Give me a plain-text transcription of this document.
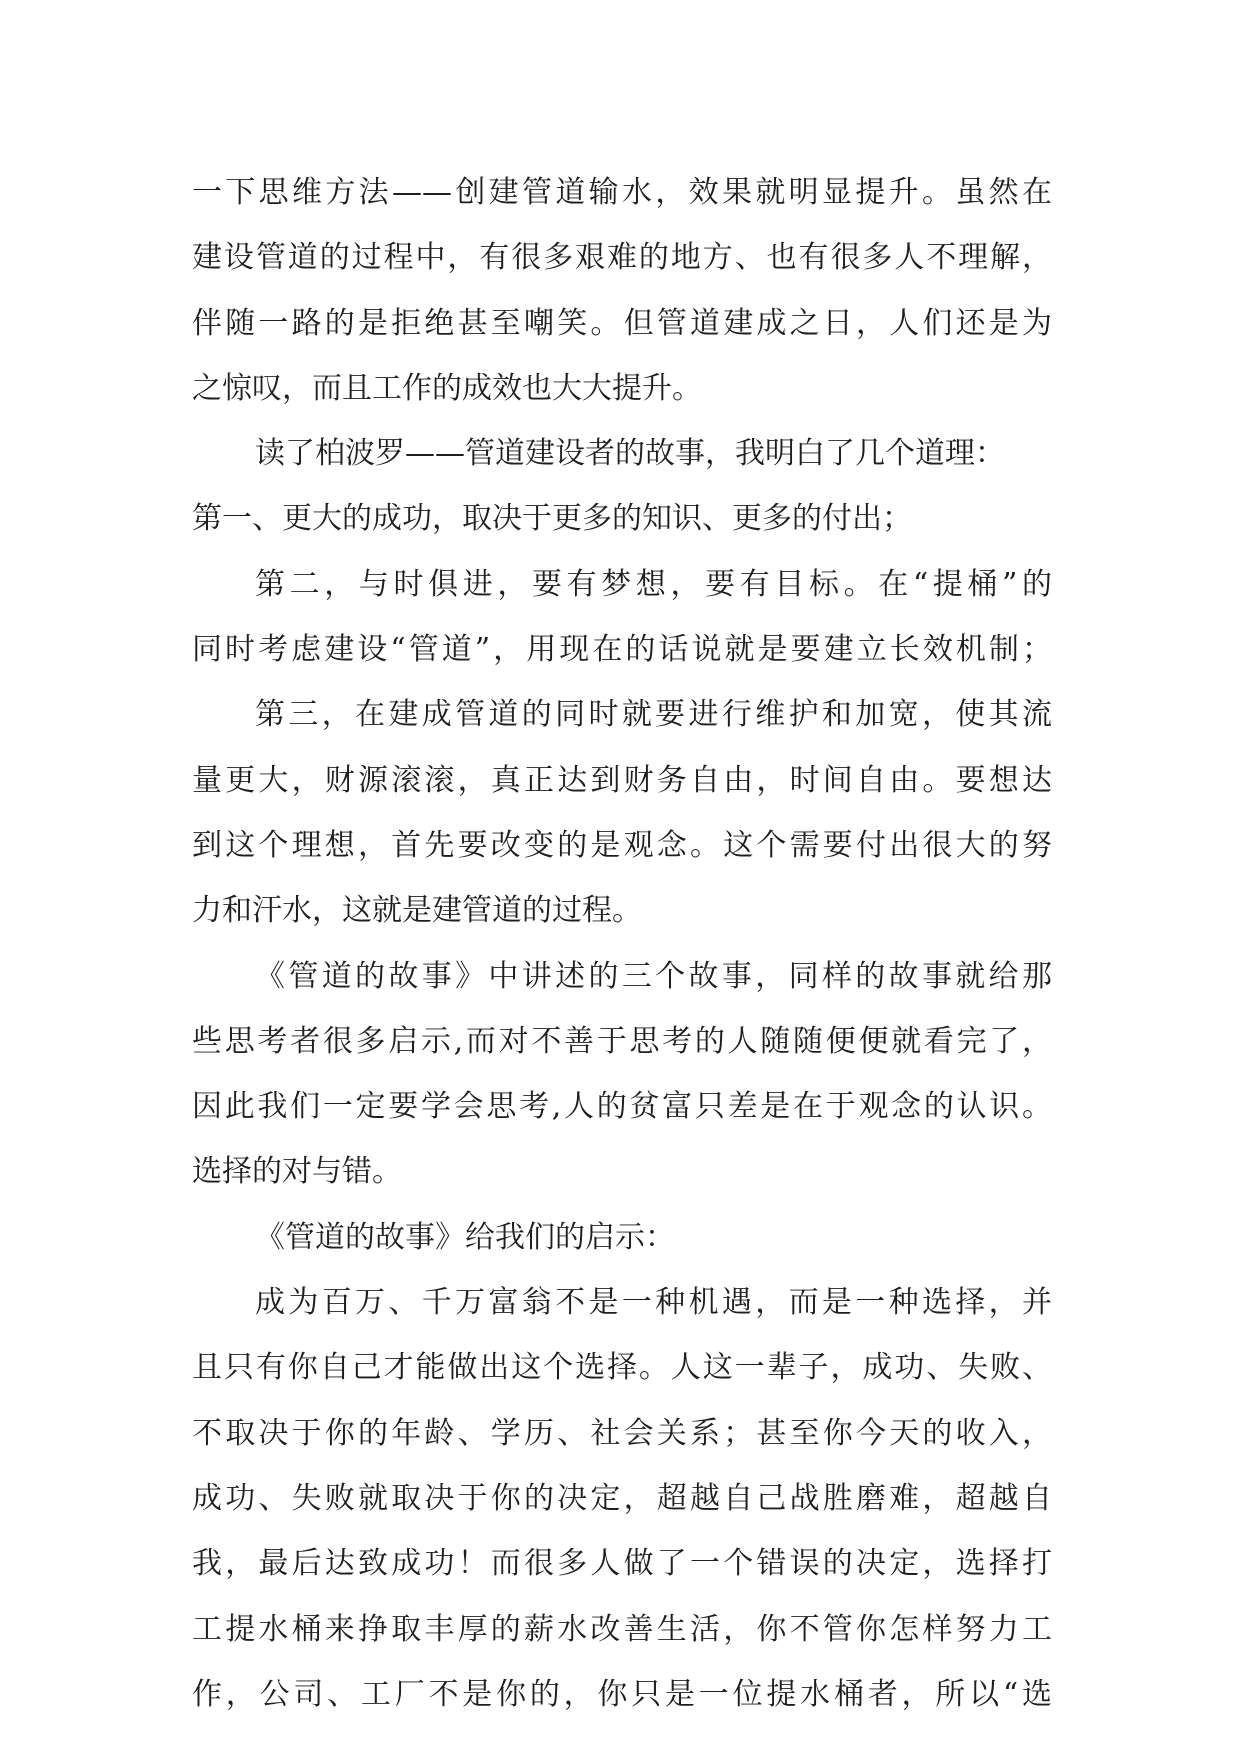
一下思维方法——创建管道输水，效果就明显提升。虽然在
建设管道的过程中，有很多艰难的地方、也有很多人不理解，
伴随一路的是拒绝甚至嘲笑。但管道建成之日，人们还是为
之惊叹，而且工作的成效也大大提升。
读了柏波罗——管道建设者的故事，我明白了几个道理：
第一、更大的成功，取决于更多的知识、更多的付出；
第二，与时俱进，要有梦想，要有目标。在“提桶”的
同时考虑建设“管道”，用现在的话说就是要建立长效机制；
第三，在建成管道的同时就要进行维护和加宽，使其流
量更大，财源滚滚，真正达到财务自由，时间自由。要想达
到这个理想，首先要改变的是观念。这个需要付出很大的努
力和汗水，这就是建管道的过程。
《管道的故事》中讲述的三个故事，同样的故事就给那
些思考者很多启示,而对不善于思考的人随随便便就看完了，
因此我们一定要学会思考,人的贫富只差是在于观念的认识。
选择的对与错。
《管道的故事》给我们的启示：
成为百万、千万富翁不是一种机遇，而是一种选择，并
且只有你自己才能做出这个选择。人这一辈子，成功、失败、
不取决于你的年龄、学历、社会关系；甚至你今天的收入，
成功、失败就取决于你的决定，超越自己战胜磨难，超越自
我，最后达致成功！而很多人做了一个错误的决定，选择打
工提水桶来挣取丰厚的薪水改善生活，你不管你怎样努力工
作，公司、工厂不是你的，你只是一位提水桶者，所以“选
